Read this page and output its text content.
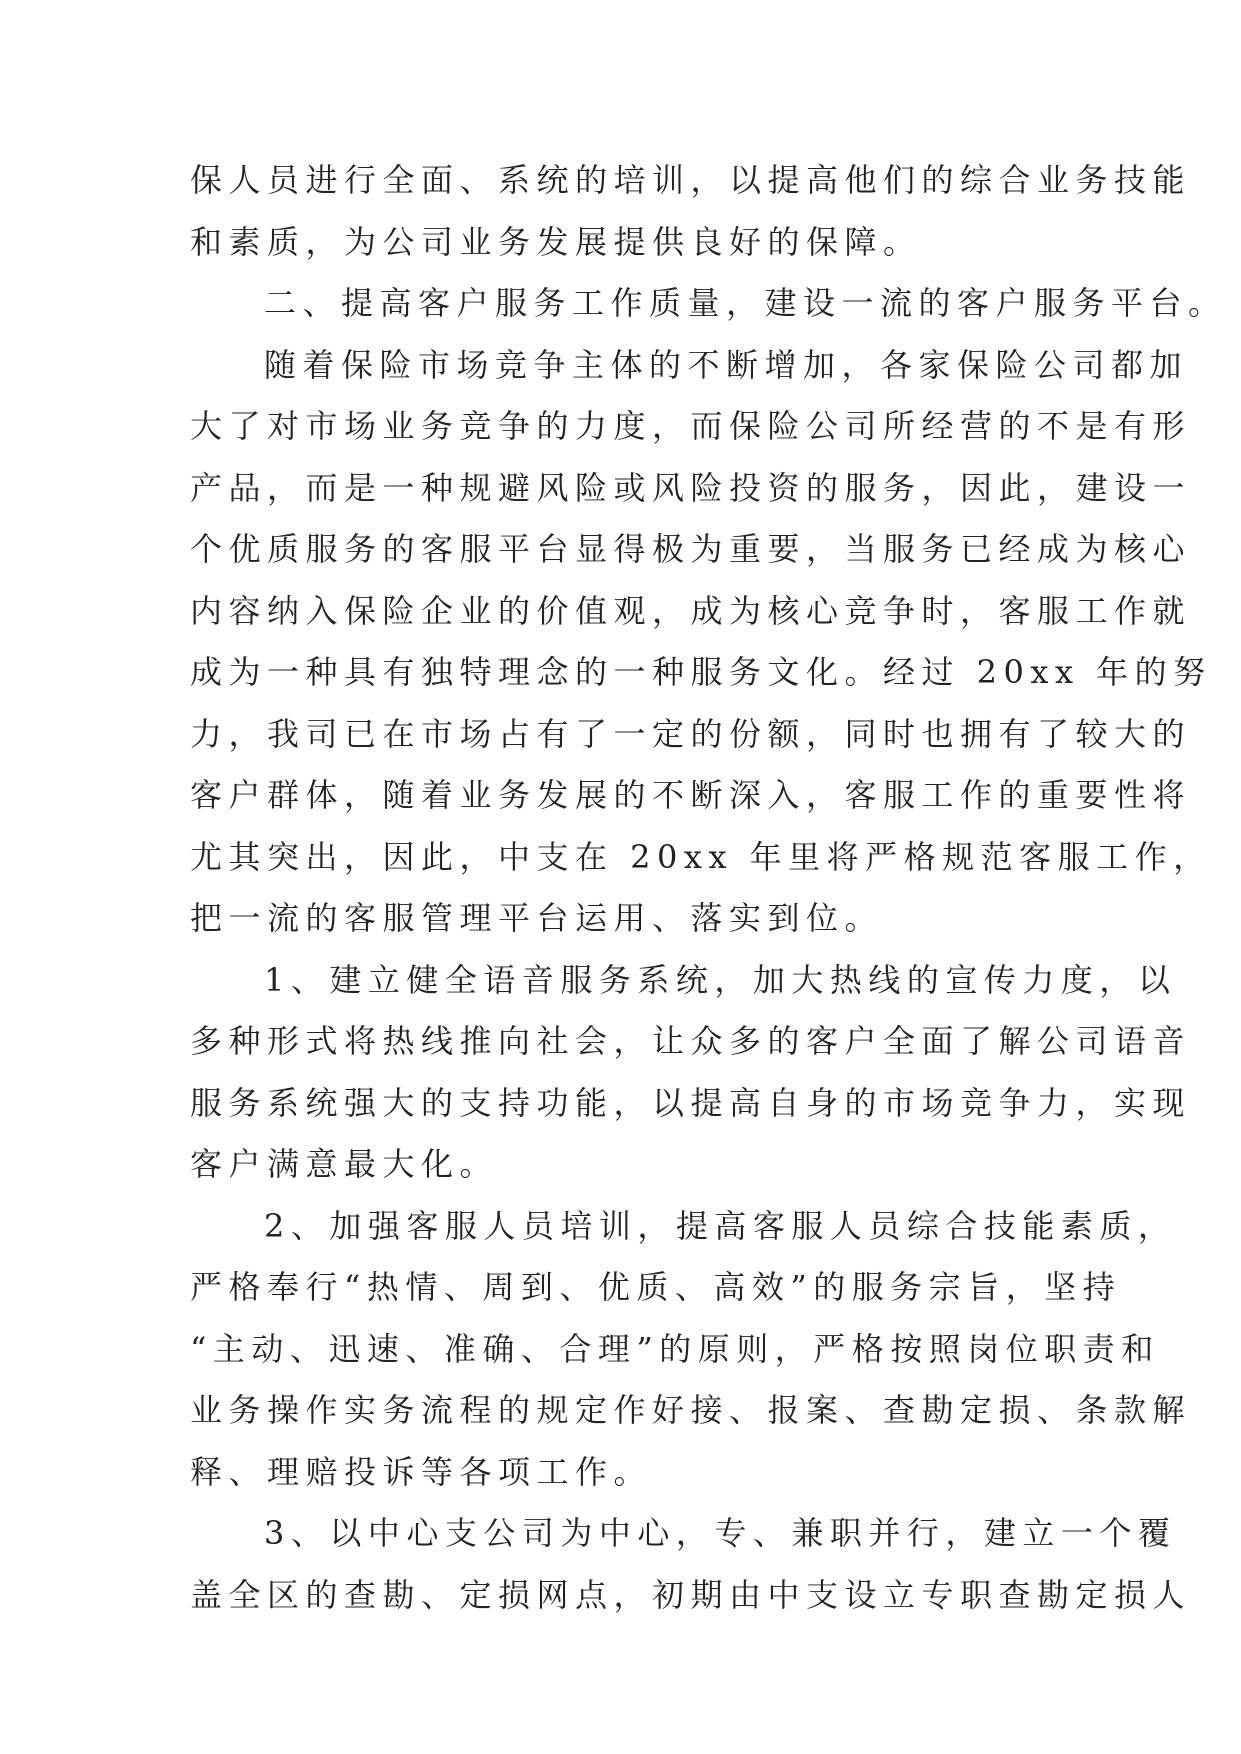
保人员进行全面、系统的培训，以提高他们的综合业务技能
和素质，为公司业务发展提供良好的保障。
二、提高客户服务工作质量，建设一流的客户服务平台。
随着保险市场竞争主体的不断增加，各家保险公司都加
大了对市场业务竞争的力度，而保险公司所经营的不是有形
产品，而是一种规避风险或风险投资的服务，因此，建设一
个优质服务的客服平台显得极为重要，当服务已经成为核心
内容纳入保险企业的价值观，成为核心竞争时，客服工作就
成为一种具有独特理念的一种服务文化。经过 20xx 年的努
力，我司已在市场占有了一定的份额，同时也拥有了较大的
客户群体，随着业务发展的不断深入，客服工作的重要性将
尤其突出，因此，中支在 20xx 年里将严格规范客服工作，
把一流的客服管理平台运用、落实到位。
1、建立健全语音服务系统，加大热线的宣传力度，以
多种形式将热线推向社会，让众多的客户全面了解公司语音
服务系统强大的支持功能，以提高自身的市场竞争力，实现
客户满意最大化。
2、加强客服人员培训，提高客服人员综合技能素质，
严格奉行“热情、周到、优质、高效”的服务宗旨，坚持
“主动、迅速、准确、合理”的原则，严格按照岗位职责和
业务操作实务流程的规定作好接、报案、查勘定损、条款解
释、理赔投诉等各项工作。
3、以中心支公司为中心，专、兼职并行，建立一个覆
盖全区的查勘、定损网点，初期由中支设立专职查勘定损人
